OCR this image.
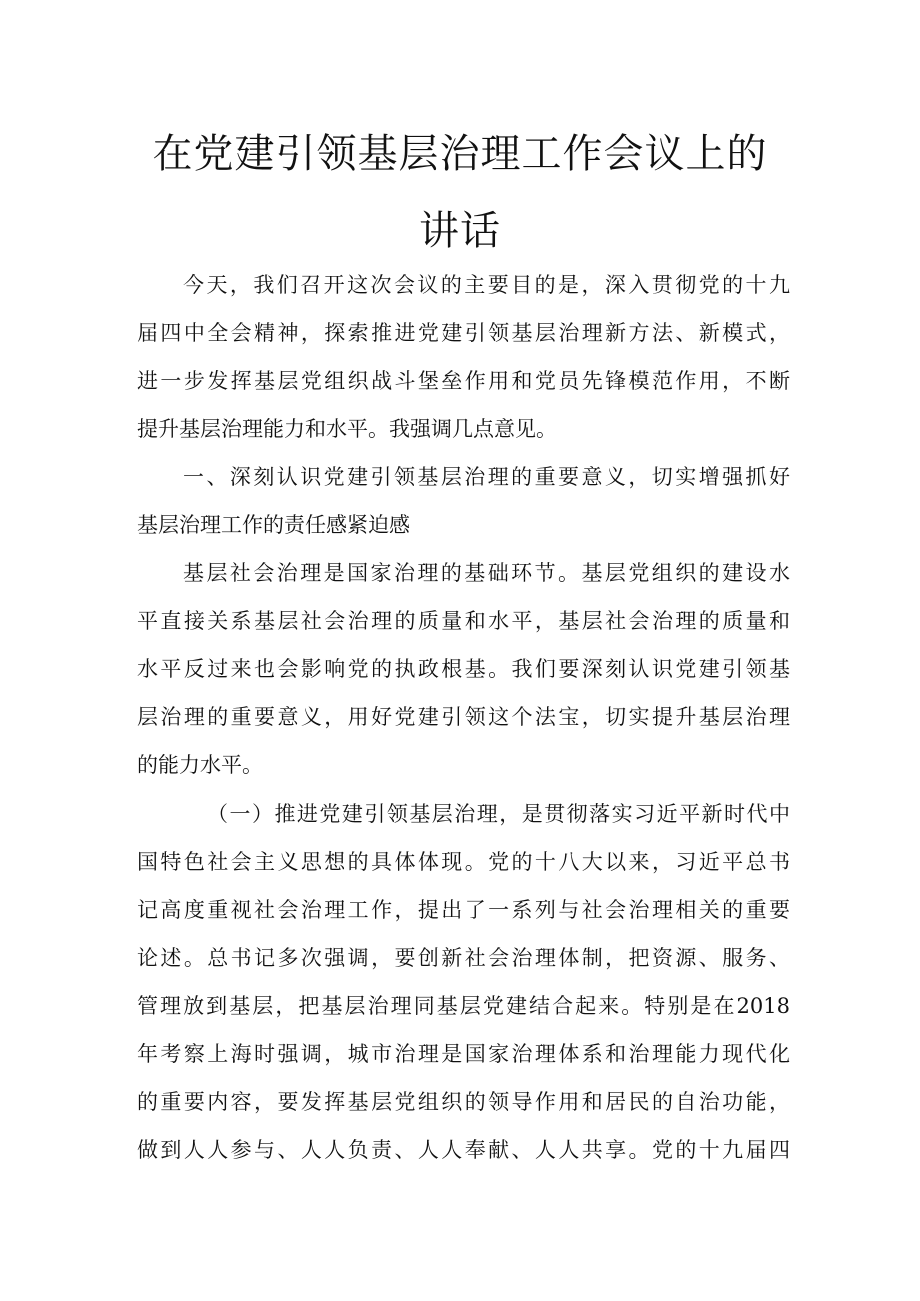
在党建引领基层治理工作会议上的
讲话
今天，我们召开这次会议的主要目的是，深入贯彻党的十九
届四中全会精神，探索推进党建引领基层治理新方法、新模式，
进一步发挥基层党组织战斗堡垒作用和党员先锋模范作用，不断
提升基层治理能力和水平。我强调几点意见。
一、深刻认识党建引领基层治理的重要意义，切实增强抓好
基层治理工作的责任感紧迫感
基层社会治理是国家治理的基础环节。基层党组织的建设水
平直接关系基层社会治理的质量和水平，基层社会治理的质量和
水平反过来也会影响党的执政根基。我们要深刻认识党建引领基
层治理的重要意义，用好党建引领这个法宝，切实提升基层治理
的能力水平。
（一）推进党建引领基层治理，是贯彻落实习近平新时代中
国特色社会主义思想的具体体现。党的十八大以来，习近平总书
记高度重视社会治理工作，提出了一系列与社会治理相关的重要
论述。总书记多次强调，要创新社会治理体制，把资源、服务、
管理放到基层，把基层治理同基层党建结合起来。特别是在2018
年考察上海时强调，城市治理是国家治理体系和治理能力现代化
的重要内容，要发挥基层党组织的领导作用和居民的自治功能，
做到人人参与、人人负责、人人奉献、人人共享。党的十九届四
